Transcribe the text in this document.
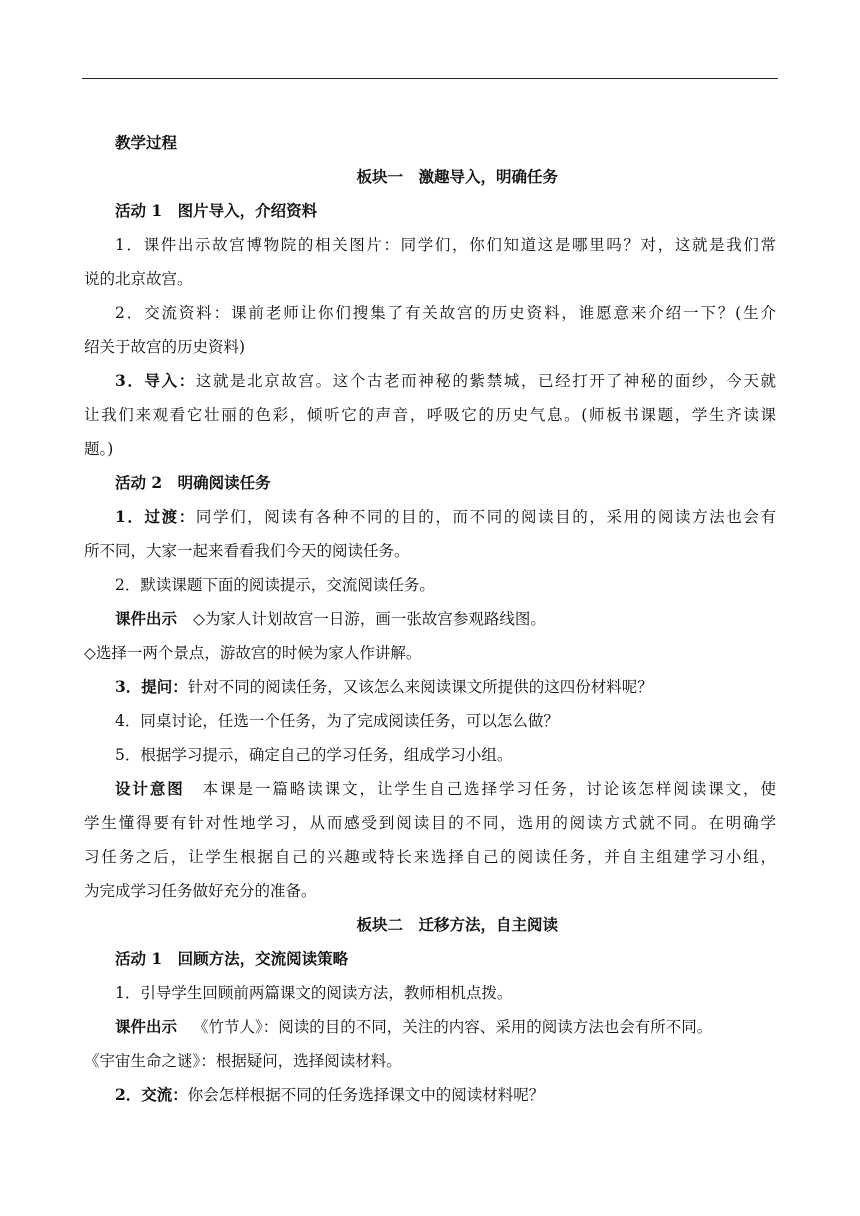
教学过程
板块一　激趣导入，明确任务
活动 1　图片导入，介绍资料
1．课件出示故宫博物院的相关图片：同学们，你们知道这是哪里吗？对，这就是我们常
说的北京故宫。
2．交流资料：课前老师让你们搜集了有关故宫的历史资料，谁愿意来介绍一下？(生介
绍关于故宫的历史资料)
3．导入：这就是北京故宫。这个古老而神秘的紫禁城，已经打开了神秘的面纱，今天就
让我们来观看它壮丽的色彩，倾听它的声音，呼吸它的历史气息。(师板书课题，学生齐读课
题。)
活动 2　明确阅读任务
1．过渡：同学们，阅读有各种不同的目的，而不同的阅读目的，采用的阅读方法也会有
所不同，大家一起来看看我们今天的阅读任务。
2．默读课题下面的阅读提示，交流阅读任务。
课件出示 ◇为家人计划故宫一日游，画一张故宫参观路线图。
◇选择一两个景点，游故宫的时候为家人作讲解。
3．提问：针对不同的阅读任务，又该怎么来阅读课文所提供的这四份材料呢？
4．同桌讨论，任选一个任务，为了完成阅读任务，可以怎么做？
5．根据学习提示，确定自己的学习任务，组成学习小组。
设计意图 本课是一篇略读课文，让学生自己选择学习任务，讨论该怎样阅读课文，使
学生懂得要有针对性地学习，从而感受到阅读目的不同，选用的阅读方式就不同。在明确学
习任务之后，让学生根据自己的兴趣或特长来选择自己的阅读任务，并自主组建学习小组，
为完成学习任务做好充分的准备。
板块二　迁移方法，自主阅读
活动 1　回顾方法，交流阅读策略
1．引导学生回顾前两篇课文的阅读方法，教师相机点拨。
课件出示 《竹节人》：阅读的目的不同，关注的内容、采用的阅读方法也会有所不同。
《宇宙生命之谜》：根据疑问，选择阅读材料。
2．交流：你会怎样根据不同的任务选择课文中的阅读材料呢？
